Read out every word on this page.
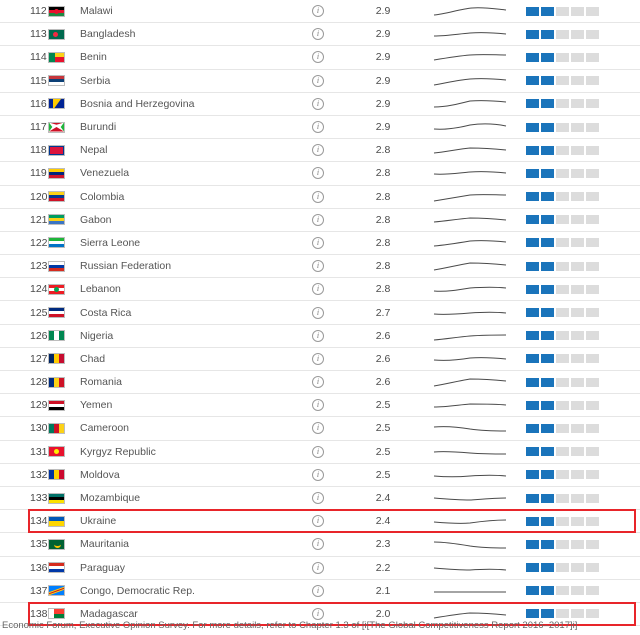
112	Malawi	i	2.9
113	Bangladesh	i	2.9
114	Benin	i	2.9
115	Serbia	i	2.9
116	Bosnia and Herzegovina	i	2.9
117	Burundi	i	2.9
118	Nepal	i	2.8
119	Venezuela	i	2.8
120	Colombia	i	2.8
121	Gabon	i	2.8
122	Sierra Leone	i	2.8
123	Russian Federation	i	2.8
124	Lebanon	i	2.8
125	Costa Rica	i	2.7
126	Nigeria	i	2.6
127	Chad	i	2.6
128	Romania	i	2.6
129	Yemen	i	2.5
130	Cameroon	i	2.5
131	Kyrgyz Republic	i	2.5
132	Moldova	i	2.5
133	Mozambique	i	2.4
134	Ukraine	i	2.4
135	Mauritania	i	2.3
136	Paraguay	i	2.2
137	Congo, Democratic Rep.	i	2.1
138	Madagascar	i	2.0
Economic Forum, Executive Opinion Survey. For more details, refer to Chapter 1.3 of [i[The Global Competitiveness Report 2016–2017]i]
